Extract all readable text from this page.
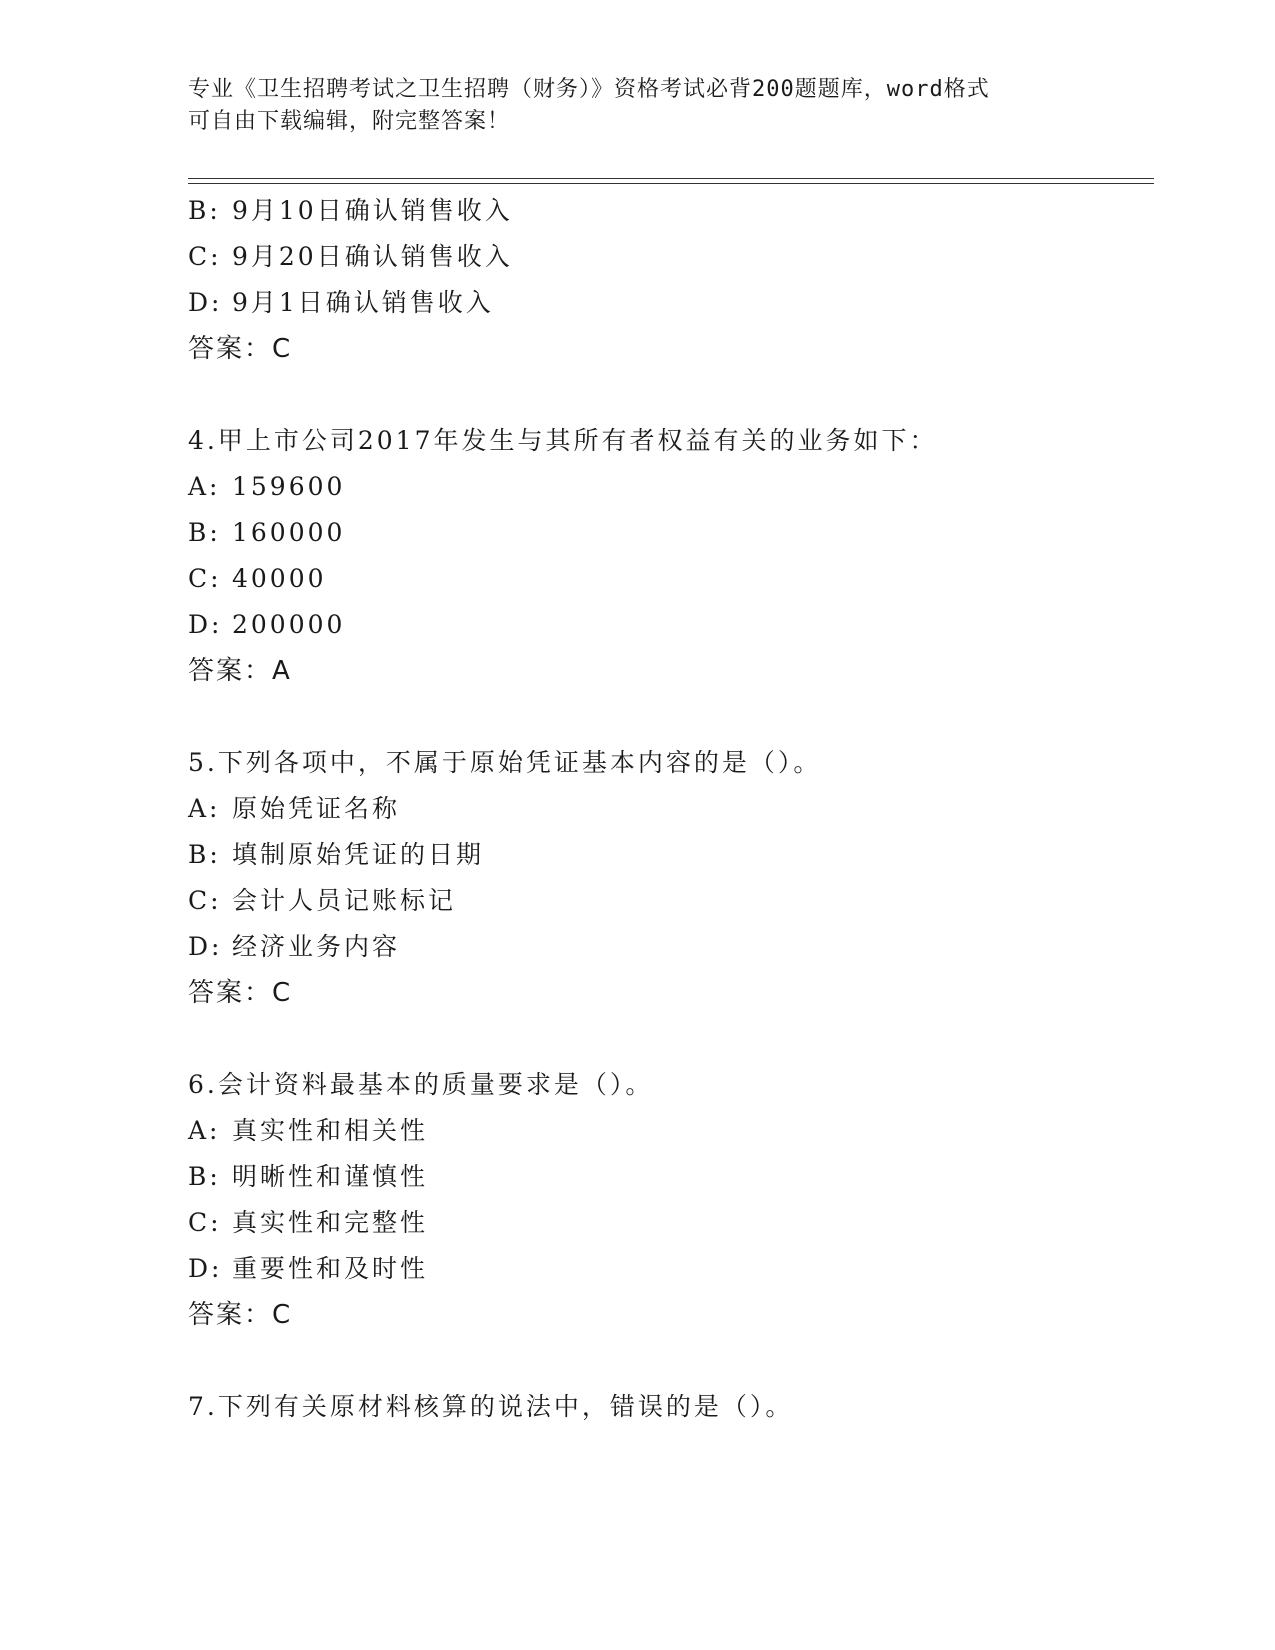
专业《卫生招聘考试之卫生招聘（财务）》资格考试必背200题题库，word格式
可自由下载编辑，附完整答案！
B: 9月10日确认销售收入
C: 9月20日确认销售收入
D: 9月1日确认销售收入
答案：C
4.甲上市公司2017年发生与其所有者权益有关的业务如下：
A: 159600
B: 160000
C: 40000
D: 200000
答案：A
5.下列各项中，不属于原始凭证基本内容的是（）。
A: 原始凭证名称
B: 填制原始凭证的日期
C: 会计人员记账标记
D: 经济业务内容
答案：C
6.会计资料最基本的质量要求是（）。
A: 真实性和相关性
B: 明晰性和谨慎性
C: 真实性和完整性
D: 重要性和及时性
答案：C
7.下列有关原材料核算的说法中，错误的是（）。
